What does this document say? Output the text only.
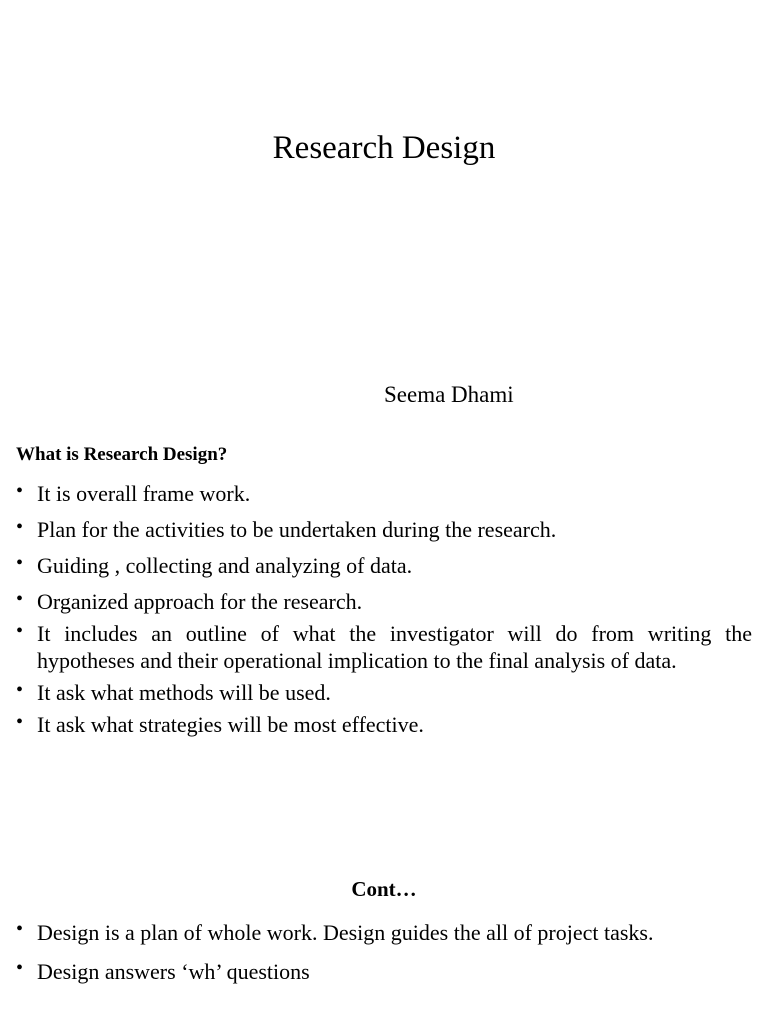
Research Design
Seema Dhami
What is Research Design?
• It is overall frame work.
• Plan for the activities to be undertaken during the research.
• Guiding , collecting and analyzing of data.
• Organized approach for the research.
• It includes an outline of what the investigator will do from writing the hypotheses and their operational implication to the final analysis of data.
• It ask what methods will be used.
• It ask what strategies will be most effective.
Cont…
• Design is a plan of whole work. Design guides the all of project tasks.
• Design answers ‘wh’ questions
